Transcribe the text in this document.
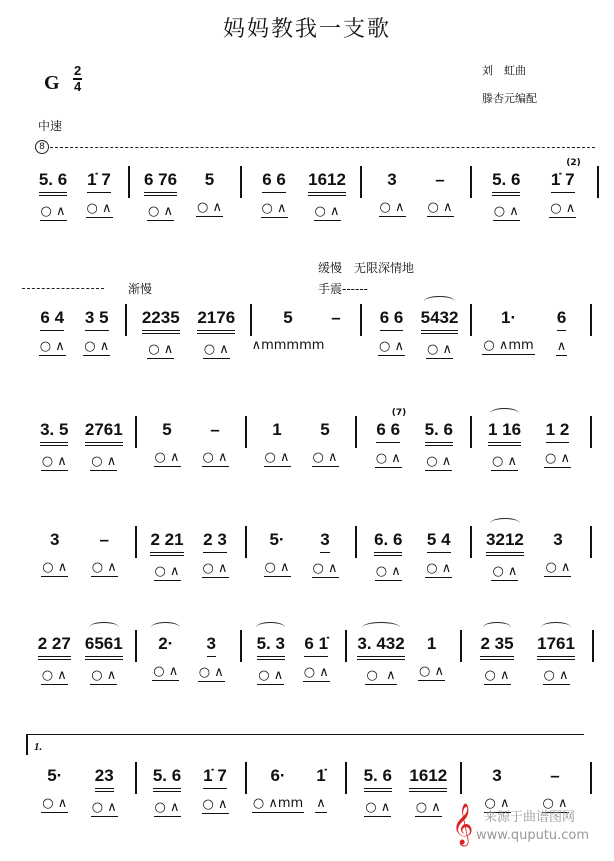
妈妈教我一支歌
G
2
4
刘　虹曲
滕杏元编配
中速
8
渐慢
缓慢　无限深情地
手震------
1.
5. 6
○ ∧
1̇ 7
○ ∧
6 76
○ ∧
5
○ ∧
6 6
○ ∧
1612
○ ∧
3
○ ∧
–
○ ∧
5. 6
○ ∧
1̇ 7
(2)
○ ∧
6 4
○ ∧
3 5
○ ∧
2235
○ ∧
2176
○ ∧
5
∧mmmmm
–
6 6
○ ∧
5432
○ ∧
1·
○ ∧mm
6
∧
3. 5
○ ∧
2761
○ ∧
5
○ ∧
–
○ ∧
1
○ ∧
5
○ ∧
6 6
(7)
○ ∧
5. 6
○ ∧
1 16
○ ∧
1 2
○ ∧
3
○ ∧
–
○ ∧
2 21
○ ∧
2 3
○ ∧
5·
○ ∧
3
○ ∧
6. 6
○ ∧
5 4
○ ∧
3212
○ ∧
3
○ ∧
2 27
○ ∧
6561
○ ∧
2·
○ ∧
3
○ ∧
5. 3
○ ∧
6 1̇
○ ∧
3. 432
○  ∧
1
○ ∧
2 35
○ ∧
1761
○ ∧
5·
○ ∧
23
○ ∧
5. 6
○ ∧
1̇ 7
○ ∧
6·
○ ∧mm
1̇
∧
5. 6
○ ∧
1612
○ ∧
3
○ ∧
–
○ ∧
𝄞 来源于曲谱图网
www.qupu​tu.com
